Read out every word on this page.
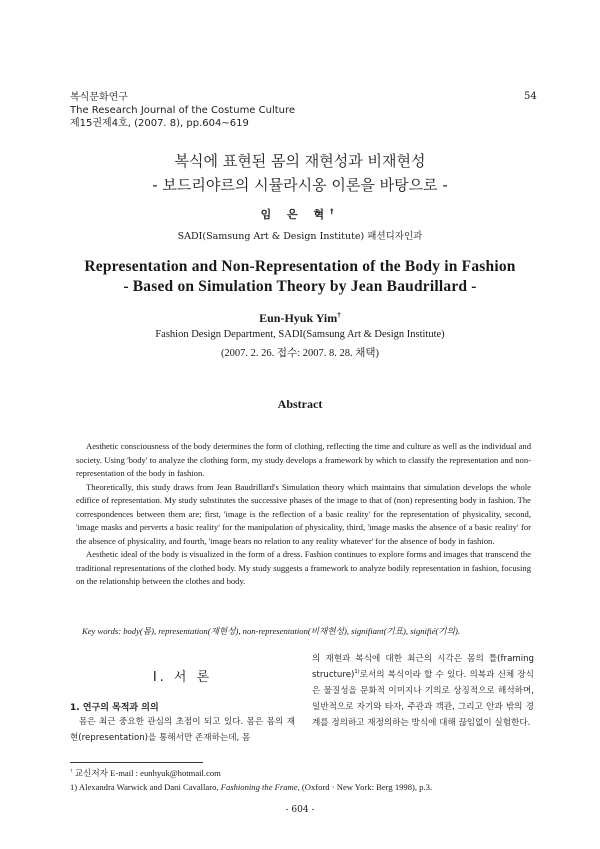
복식문화연구
The Research Journal of the Costume Culture
제15권제4호, (2007. 8), pp.604∼619
54
복식에 표현된 몸의 재현성과 비재현성
- 보드리야르의 시뮬라시옹 이론을 바탕으로 -
임 은 혁†
SADI(Samsung Art & Design Institute) 패션디자인과
Representation and Non-Representation of the Body in Fashion
- Based on Simulation Theory by Jean Baudrillard -
Eun-Hyuk Yim†
Fashion Design Department, SADI(Samsung Art & Design Institute)
(2007. 2. 26. 접수: 2007. 8. 28. 채택)
Abstract

Aesthetic consciousness of the body determines the form of clothing, reflecting the time and culture as well as the individual and society. Using 'body' to analyze the clothing form, my study develops a framework by which to classify the representation and non-representation of the body in fashion.

Theoretically, this study draws from Jean Baudrillard's Simulation theory which maintains that simulation develops the whole edifice of representation. My study substitutes the successive phases of the image to that of (non) representing body in fashion. The correspondences between them are; first, 'image is the reflection of a basic reality' for the representation of physicality, second, 'image masks and perverts a basic reality' for the manipulation of physicality, third, 'image masks the absence of a basic reality' for the absence of physicality, and fourth, 'image bears no relation to any reality whatever' for the absence of body in fashion.

Aesthetic ideal of the body is visualized in the form of a dress. Fashion continues to explore forms and images that transcend the traditional representations of the clothed body. My study suggests a framework to analyze bodily representation in fashion, focusing on the relationship between the clothes and body.

Key words: body(몸), representation(재현성), non-representation(비재현성), signifiant(기표), signifié(기의).
Ⅰ. 서 론
1. 연구의 목적과 의의

몸은 최근 중요한 관심의 초점이 되고 있다. 몸은 몸의 재현(representation)을 통해서만 존재하는데, 몸

의 재현과 복식에 대한 최근의 시각은 몸의 틀(framing structure)$^{1)}$로서의 복식이라 할 수 있다. 의복과 신체 장식은 물질성을 문화적 이미지나 기의로 상징적으로 해석하며, 일반적으로 자기와 타자, 주관과 객관, 그리고 안과 밖의 경계를 정의하고 재정의하는 방식에 대해 끊임없이 실험한다.

† 교신저자 E-mail : eunhyuk@hotmail.com

1) Alexandra Warwick and Dani Cavallaro, Fashioning the Frame, (Oxford · New York: Berg 1998), p.3.

- 604 -
